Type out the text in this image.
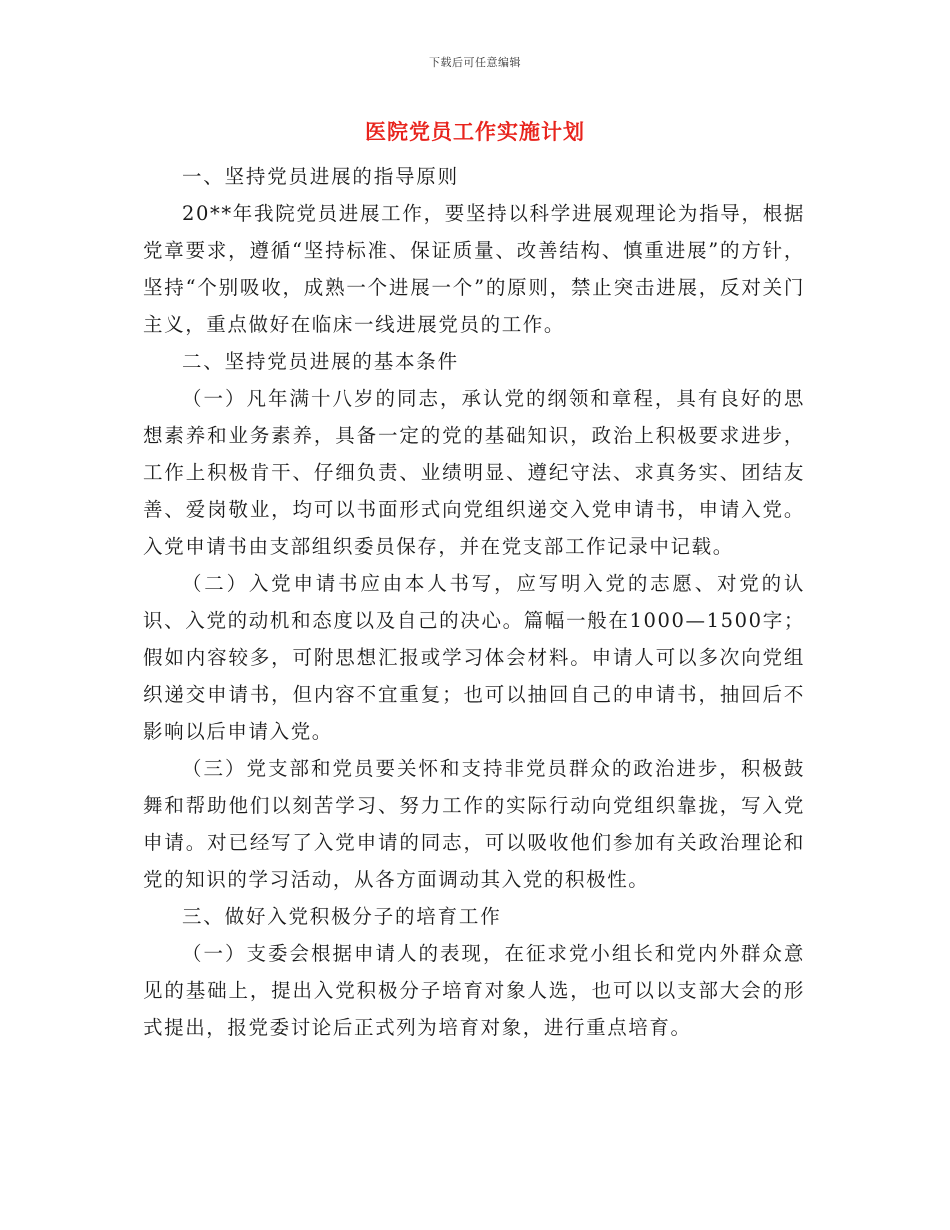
下载后可任意编辑
医院党员工作实施计划

一、坚持党员进展的指导原则

20**年我院党员进展工作，要坚持以科学进展观理论为指导，根据党章要求，遵循“坚持标准、保证质量、改善结构、慎重进展”的方针，坚持“个别吸收，成熟一个进展一个”的原则，禁止突击进展，反对关门主义，重点做好在临床一线进展党员的工作。

二、坚持党员进展的基本条件

（一）凡年满十八岁的同志，承认党的纲领和章程，具有良好的思想素养和业务素养，具备一定的党的基础知识，政治上积极要求进步，工作上积极肯干、仔细负责、业绩明显、遵纪守法、求真务实、团结友善、爱岗敬业，均可以书面形式向党组织递交入党申请书，申请入党。入党申请书由支部组织委员保存，并在党支部工作记录中记载。

（二）入党申请书应由本人书写，应写明入党的志愿、对党的认识、入党的动机和态度以及自己的决心。篇幅一般在1000—1500字；假如内容较多，可附思想汇报或学习体会材料。申请人可以多次向党组织递交申请书，但内容不宜重复；也可以抽回自己的申请书，抽回后不影响以后申请入党。

（三）党支部和党员要关怀和支持非党员群众的政治进步，积极鼓舞和帮助他们以刻苦学习、努力工作的实际行动向党组织靠拢，写入党申请。对已经写了入党申请的同志，可以吸收他们参加有关政治理论和党的知识的学习活动，从各方面调动其入党的积极性。

三、做好入党积极分子的培育工作

（一）支委会根据申请人的表现，在征求党小组长和党内外群众意见的基础上，提出入党积极分子培育对象人选，也可以以支部大会的形式提出，报党委讨论后正式列为培育对象，进行重点培育。
